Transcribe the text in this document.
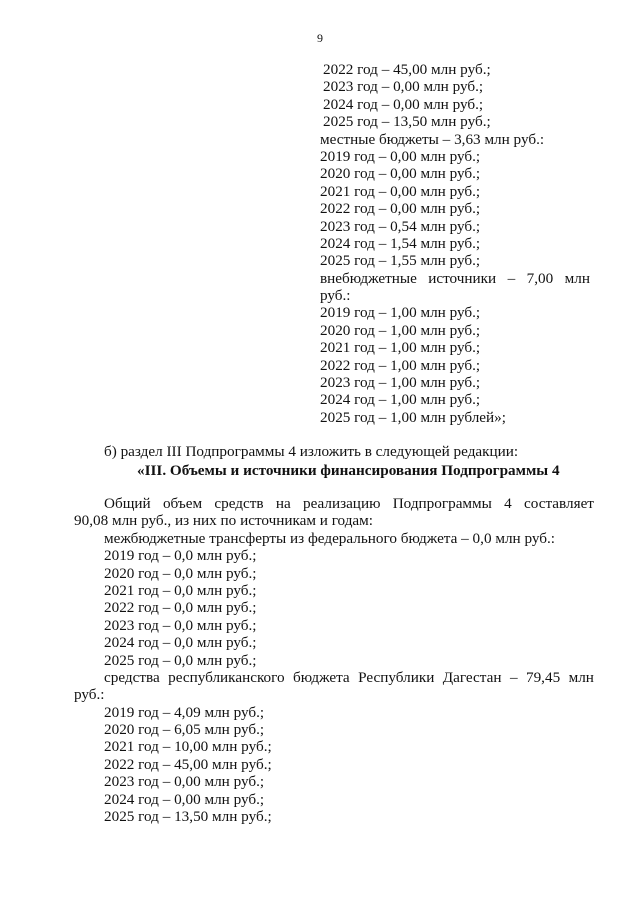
9
2022 год – 45,00 млн руб.;
2023 год – 0,00 млн руб.;
2024 год – 0,00 млн руб.;
2025 год – 13,50 млн руб.;
местные бюджеты – 3,63 млн руб.:
2019 год – 0,00 млн руб.;
2020 год – 0,00 млн руб.;
2021 год – 0,00 млн руб.;
2022 год – 0,00 млн руб.;
2023 год – 0,54 млн руб.;
2024 год – 1,54 млн руб.;
2025 год – 1,55 млн руб.;
внебюджетные источники – 7,00 млн
руб.:
2019 год – 1,00 млн руб.;
2020 год – 1,00 млн руб.;
2021 год – 1,00 млн руб.;
2022 год – 1,00 млн руб.;
2023 год – 1,00 млн руб.;
2024 год – 1,00 млн руб.;
2025 год – 1,00 млн рублей»;
б) раздел III Подпрограммы 4 изложить в следующей редакции:
«III. Объемы и источники финансирования Подпрограммы 4
Общий объем средств на реализацию Подпрограммы 4 составляет
90,08 млн руб., из них по источникам и годам:
межбюджетные трансферты из федерального бюджета – 0,0 млн руб.:
2019 год – 0,0 млн руб.;
2020 год – 0,0 млн руб.;
2021 год – 0,0 млн руб.;
2022 год – 0,0 млн руб.;
2023 год – 0,0 млн руб.;
2024 год – 0,0 млн руб.;
2025 год – 0,0 млн руб.;
средства республиканского бюджета Республики Дагестан – 79,45 млн
руб.:
2019 год – 4,09 млн руб.;
2020 год – 6,05 млн руб.;
2021 год – 10,00 млн руб.;
2022 год – 45,00 млн руб.;
2023 год – 0,00 млн руб.;
2024 год – 0,00 млн руб.;
2025 год – 13,50 млн руб.;
